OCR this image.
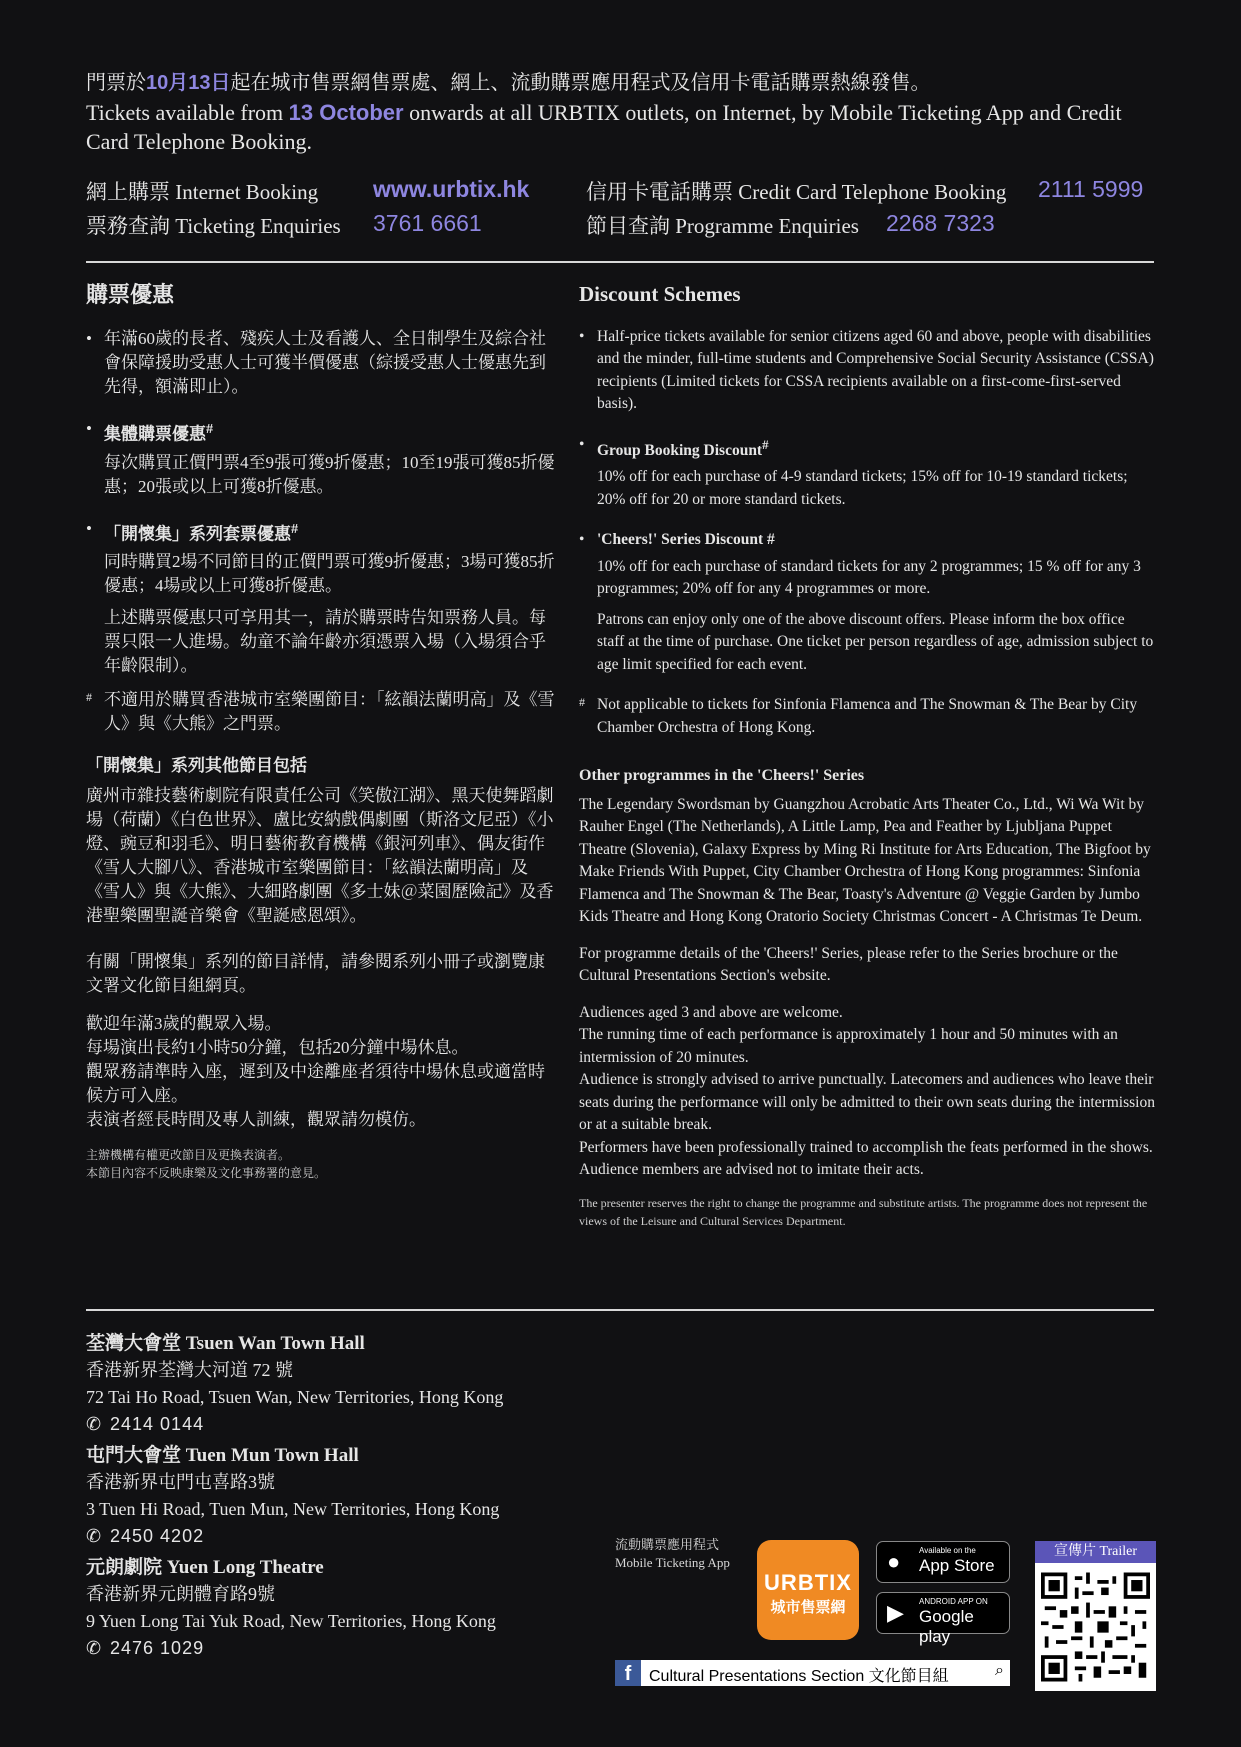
門票於10月13日起在城市售票網售票處、網上、流動購票應用程式及信用卡電話購票熱線發售。
Tickets available from 13 October onwards at all URBTIX outlets, on Internet, by Mobile Ticketing App and Credit Card Telephone Booking.
網上購票 Internet Booking www.urbtix.hk	信用卡電話購票 Credit Card Telephone Booking 2111 5999
票務查詢 Ticketing Enquiries 3761 6661	節目查詢 Programme Enquiries 2268 7323
購票優惠
• 年滿60歲的長者、殘疾人士及看護人、全日制學生及綜合社會保障援助受惠人士可獲半價優惠（綜援受惠人士優惠先到先得，額滿即止）。
• 集體購票優惠#
每次購買正價門票4至9張可獲9折優惠；10至19張可獲85折優惠；20張或以上可獲8折優惠。
• 「開懷集」系列套票優惠#
同時購買2場不同節目的正價門票可獲9折優惠；3場可獲85折優惠；4場或以上可獲8折優惠。
上述購票優惠只可享用其一，請於購票時告知票務人員。每票只限一人進場。幼童不論年齡亦須憑票入場（入場須合乎年齡限制）。
# 不適用於購買香港城市室樂團節目：「絃韻法蘭明高」及《雪人》與《大熊》之門票。
「開懷集」系列其他節目包括
廣州市雜技藝術劇院有限責任公司《笑傲江湖》、黑天使舞蹈劇場（荷蘭）《白色世界》、盧比安納戲偶劇團（斯洛文尼亞）《小燈、豌豆和羽毛》、明日藝術教育機構《銀河列車》、偶友街作《雪人大腳八》、香港城市室樂團節目：「絃韻法蘭明高」及《雪人》與《大熊》、大細路劇團《多士妹＠菜園歷險記》及香港聖樂團聖誕音樂會《聖誕感恩頌》。
有關「開懷集」系列的節目詳情，請參閱系列小冊子或瀏覽康文署文化節目組網頁。
歡迎年滿3歲的觀眾入場。
每場演出長約1小時50分鐘，包括20分鐘中場休息。
觀眾務請準時入座，遲到及中途離座者須待中場休息或適當時候方可入座。
表演者經長時間及專人訓練，觀眾請勿模仿。
主辦機構有權更改節目及更換表演者。
本節目內容不反映康樂及文化事務署的意見。
Discount Schemes
• Half-price tickets available for senior citizens aged 60 and above, people with disabilities and the minder, full-time students and Comprehensive Social Security Assistance (CSSA) recipients (Limited tickets for CSSA recipients available on a first-come-first-served basis).
• Group Booking Discount#
10% off for each purchase of 4-9 standard tickets; 15% off for 10-19 standard tickets; 20% off for 20 or more standard tickets.
• 'Cheers!' Series Discount #
10% off for each purchase of standard tickets for any 2 programmes; 15 % off for any 3 programmes; 20% off for any 4 programmes or more.
Patrons can enjoy only one of the above discount offers. Please inform the box office staff at the time of purchase. One ticket per person regardless of age, admission subject to age limit specified for each event.
# Not applicable to tickets for Sinfonia Flamenca and The Snowman & The Bear by City Chamber Orchestra of Hong Kong.
Other programmes in the 'Cheers!' Series
The Legendary Swordsman by Guangzhou Acrobatic Arts Theater Co., Ltd., Wi Wa Wit by Rauher Engel (The Netherlands), A Little Lamp, Pea and Feather by Ljubljana Puppet Theatre (Slovenia), Galaxy Express by Ming Ri Institute for Arts Education, The Bigfoot by Make Friends With Puppet, City Chamber Orchestra of Hong Kong programmes: Sinfonia Flamenca and The Snowman & The Bear, Toasty's Adventure @ Veggie Garden by Jumbo Kids Theatre and Hong Kong Oratorio Society Christmas Concert - A Christmas Te Deum.
For programme details of the 'Cheers!' Series, please refer to the Series brochure or the Cultural Presentations Section's website.
Audiences aged 3 and above are welcome.
The running time of each performance is approximately 1 hour and 50 minutes with an intermission of 20 minutes.
Audience is strongly advised to arrive punctually. Latecomers and audiences who leave their seats during the performance will only be admitted to their own seats during the intermission or at a suitable break.
Performers have been professionally trained to accomplish the feats performed in the shows. Audience members are advised not to imitate their acts.
The presenter reserves the right to change the programme and substitute artists. The programme does not represent the views of the Leisure and Cultural Services Department.
荃灣大會堂 Tsuen Wan Town Hall
香港新界荃灣大河道 72 號
72 Tai Ho Road, Tsuen Wan, New Territories, Hong Kong
✆ 2414 0144
屯門大會堂 Tuen Mun Town Hall
香港新界屯門屯喜路3號
3 Tuen Hi Road, Tuen Mun, New Territories, Hong Kong
✆ 2450 4202
元朗劇院 Yuen Long Theatre
香港新界元朗體育路9號
9 Yuen Long Tai Yuk Road, New Territories, Hong Kong
✆ 2476 1029
流動購票應用程式
Mobile Ticketing App
URBTIX
城市售票網
● Available on the
App Store
▶ ANDROID APP ON
Google play
f	Cultural Presentations Section 文化節目組	⌕
宣傳片 Trailer
